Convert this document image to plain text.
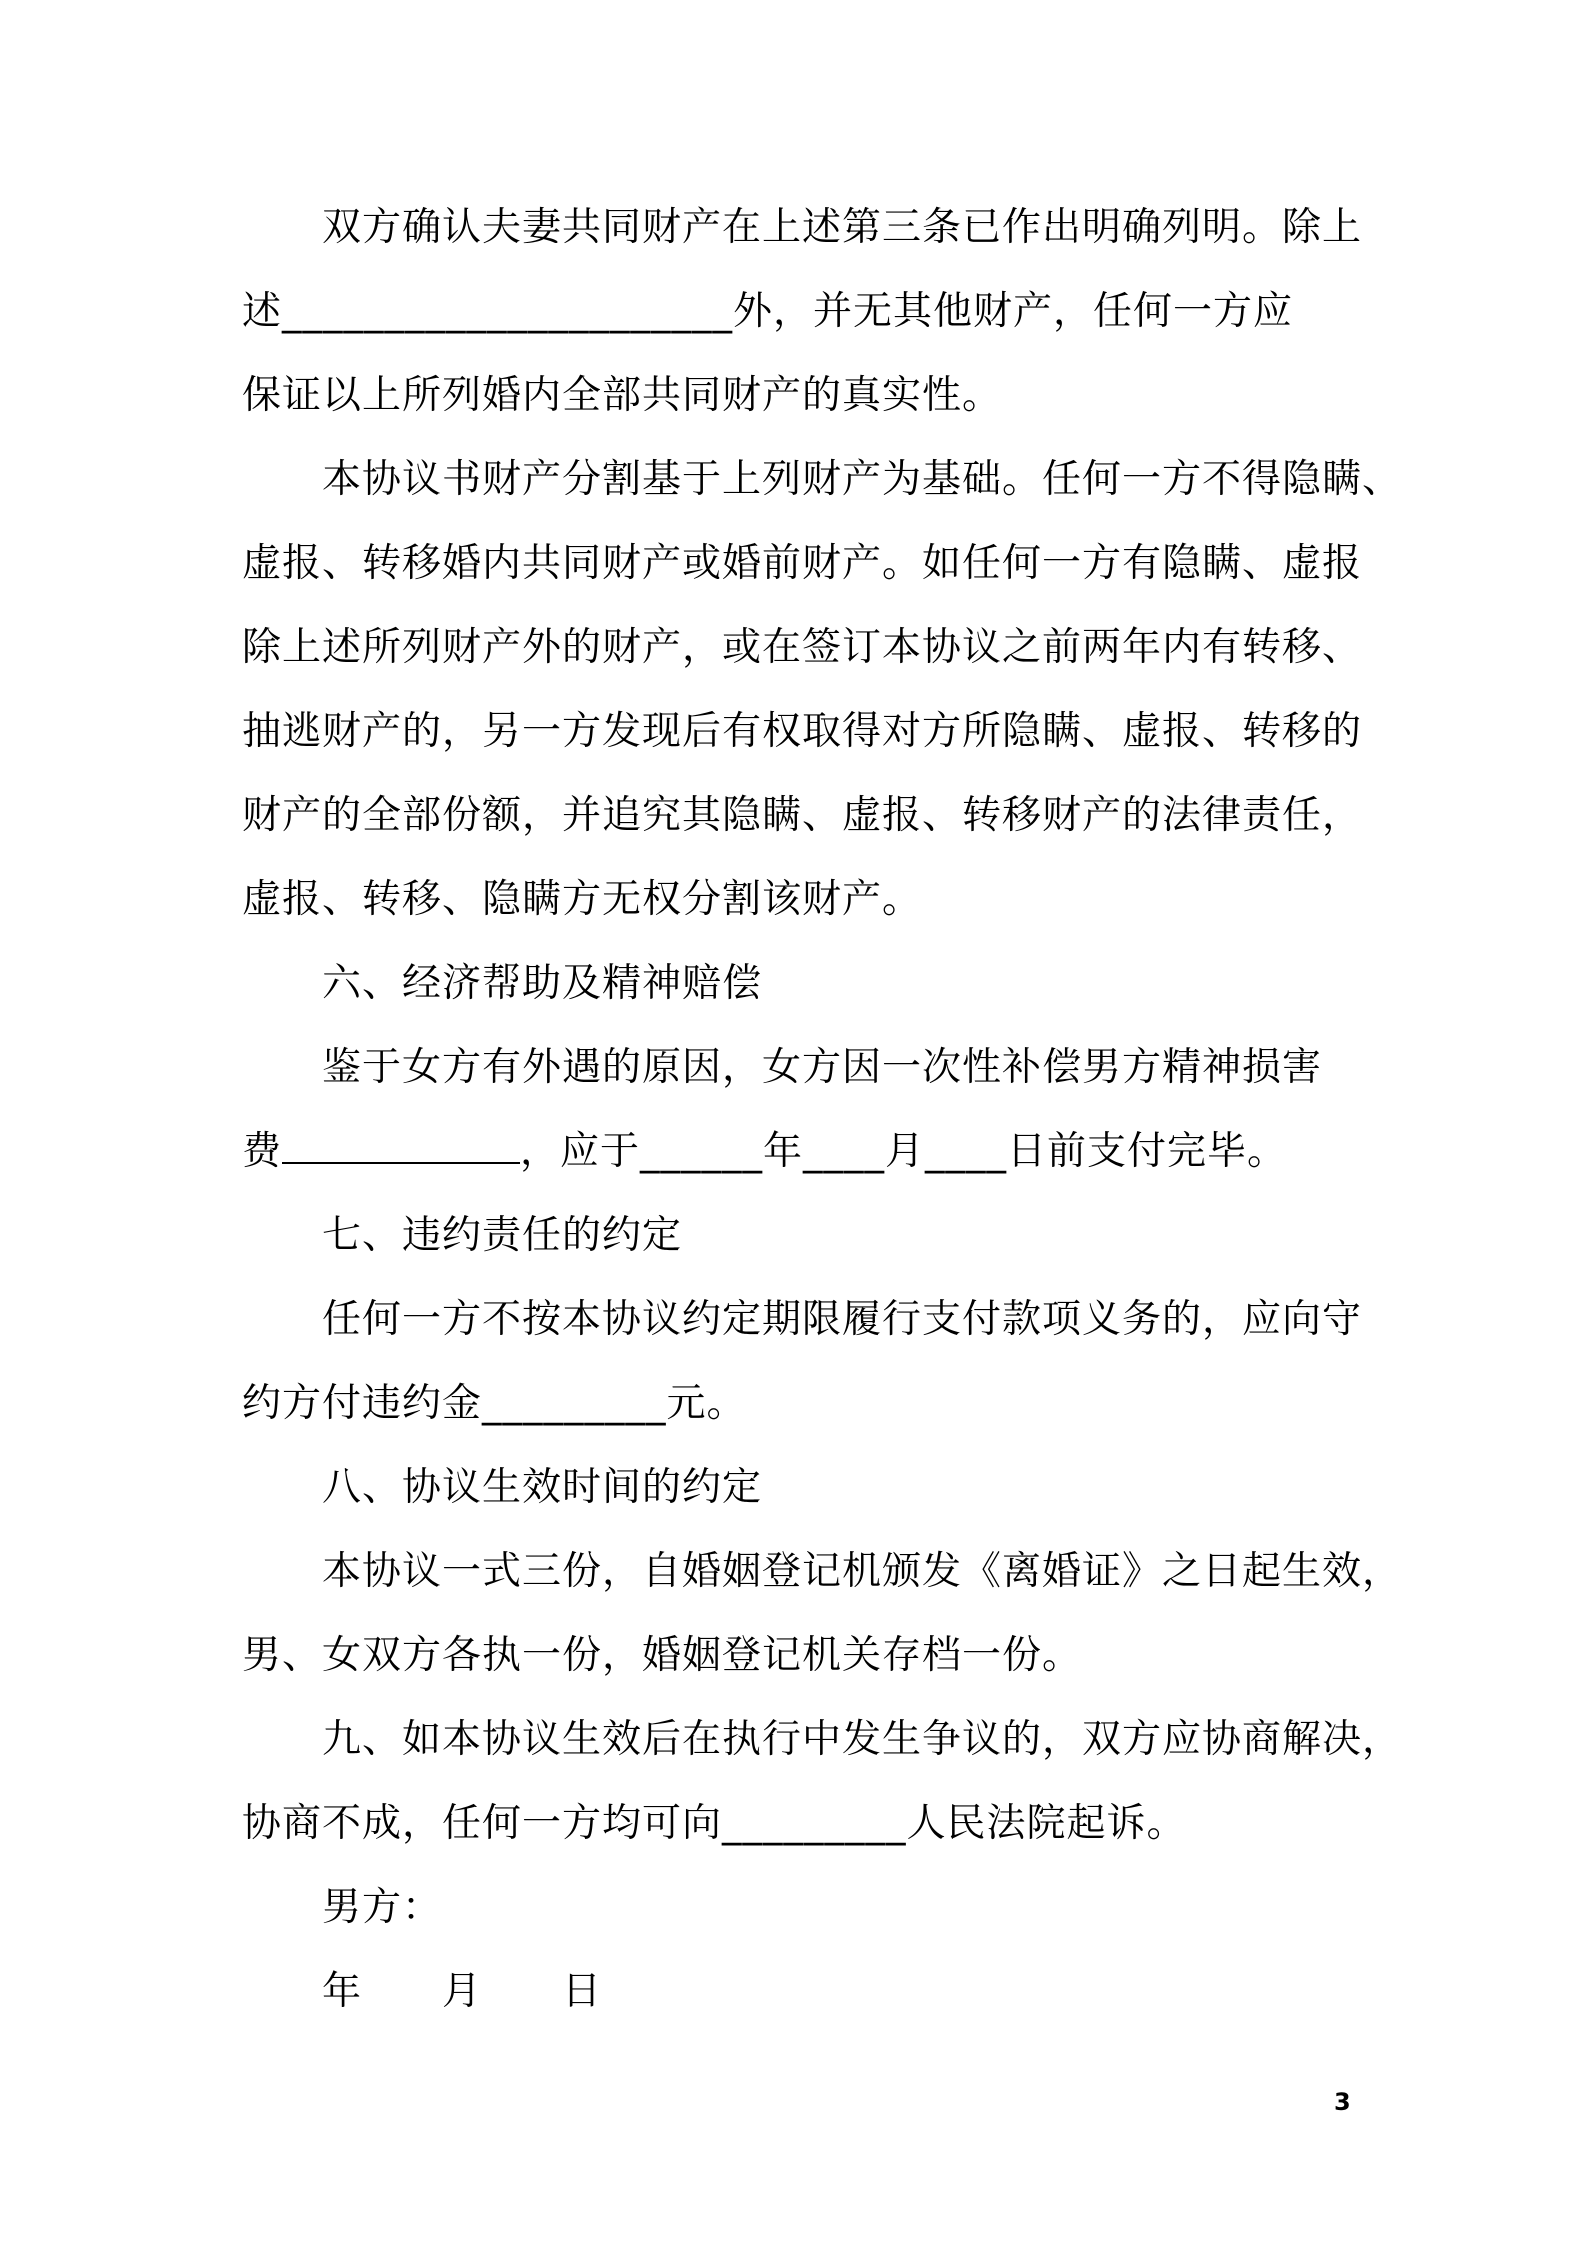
双方确认夫妻共同财产在上述第三条已作出明确列明。除上
述______________________外，并无其他财产，任何一方应
保证以上所列婚内全部共同财产的真实性。
本协议书财产分割基于上列财产为基础。任何一方不得隐瞒、
虚报、转移婚内共同财产或婚前财产。如任何一方有隐瞒、虚报
除上述所列财产外的财产，或在签订本协议之前两年内有转移、
抽逃财产的，另一方发现后有权取得对方所隐瞒、虚报、转移的
财产的全部份额，并追究其隐瞒、虚报、转移财产的法律责任，
虚报、转移、隐瞒方无权分割该财产。
六、经济帮助及精神赔偿
鉴于女方有外遇的原因，女方因一次性补偿男方精神损害
费	，应于______年____月____日前支付完毕。
七、违约责任的约定
任何一方不按本协议约定期限履行支付款项义务的，应向守
约方付违约金_________元。
八、协议生效时间的约定
本协议一式三份，自婚姻登记机颁发《离婚证》之日起生效，
男、女双方各执一份，婚姻登记机关存档一份。
九、如本协议生效后在执行中发生争议的，双方应协商解决，
协商不成，任何一方均可向_________人民法院起诉。
男方：
年　　月　　日
3
